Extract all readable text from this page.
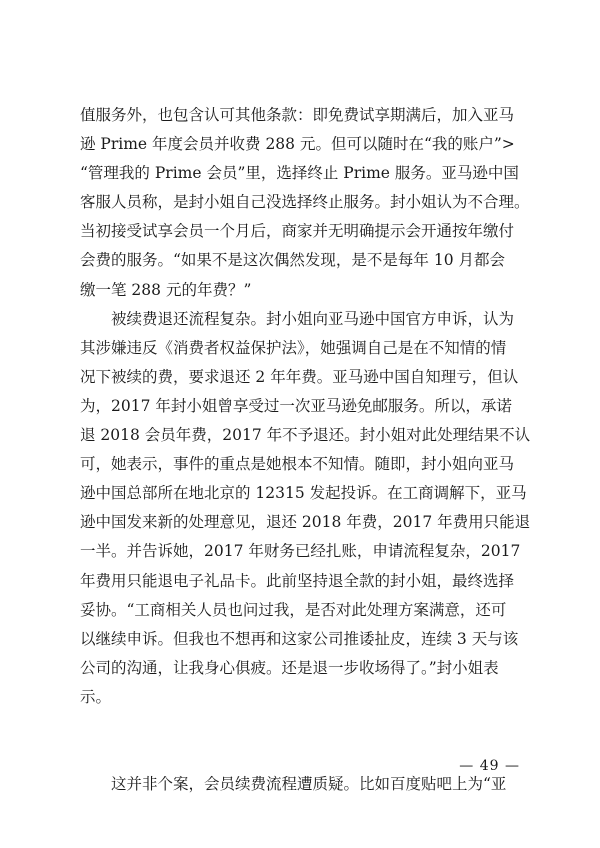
值服务外，也包含认可其他条款：即免费试享期满后，加入亚马
逊 Prime 年度会员并收费 288 元。但可以随时在“我的账户”>
“管理我的 Prime 会员”里，选择终止 Prime 服务。亚马逊中国
客服人员称，是封小姐自己没选择终止服务。封小姐认为不合理。
当初接受试享会员一个月后，商家并无明确提示会开通按年缴付
会费的服务。“如果不是这次偶然发现，是不是每年 10 月都会
缴一笔 288 元的年费？”
被续费退还流程复杂。封小姐向亚马逊中国官方申诉，认为
其涉嫌违反《消费者权益保护法》，她强调自己是在不知情的情
况下被续的费，要求退还 2 年年费。亚马逊中国自知理亏，但认
为，2017 年封小姐曾享受过一次亚马逊免邮服务。所以，承诺
退 2018 会员年费，2017 年不予退还。封小姐对此处理结果不认
可，她表示，事件的重点是她根本不知情。随即，封小姐向亚马
逊中国总部所在地北京的 12315 发起投诉。在工商调解下，亚马
逊中国发来新的处理意见，退还 2018 年费，2017 年费用只能退
一半。并告诉她，2017 年财务已经扎账，申请流程复杂，2017
年费用只能退电子礼品卡。此前坚持退全款的封小姐，最终选择
妥协。“工商相关人员也问过我，是否对此处理方案满意，还可
以继续申诉。但我也不想再和这家公司推诿扯皮，连续 3 天与该
公司的沟通，让我身心俱疲。还是退一步收场得了。”封小姐表
示。
这并非个案，会员续费流程遭质疑。比如百度贴吧上为“亚
— 49 —
